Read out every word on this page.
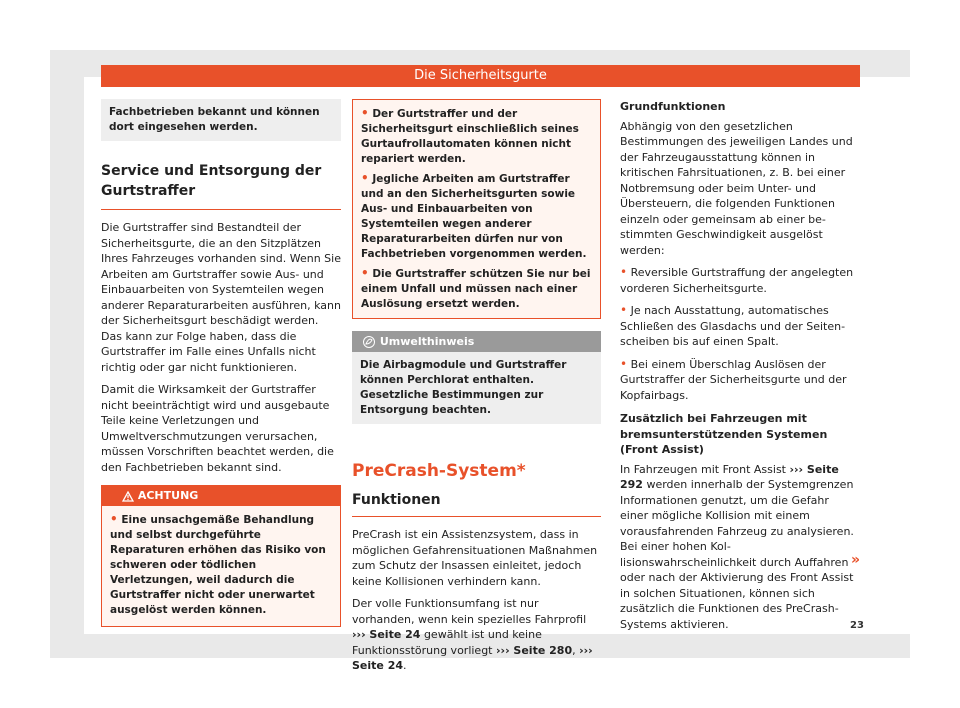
Die Sicherheitsgurte
Fachbetrieben bekannt und können dort eingesehen werden.
Service und Entsorgung der Gurtstraffer

Die Gurtstraffer sind Bestandteil der Sicherheitsgurte, die an den Sitzplätzen Ihres Fahrzeuges vorhanden sind. Wenn Sie Arbeiten am Gurtstraffer sowie Aus- und Einbauarbeiten von Systemteilen wegen anderer Reparaturarbeiten ausführen, kann der Sicherheitsgurt beschädigt werden. Das kann zur Folge haben, dass die Gurtstraffer im Falle eines Unfalls nicht richtig oder gar nicht funktionieren.

Damit die Wirksamkeit der Gurtstraffer nicht beeinträchtigt wird und ausgebaute Teile keine Verletzungen und Umweltverschmutzungen verursachen, müssen Vorschriften beachtet werden, die den Fachbetrieben bekannt sind.

ACHTUNG
• Eine unsachgemäße Behandlung und selbst durchgeführte Reparaturen erhöhen das Risiko von schweren oder tödlichen Verletzungen, weil dadurch die Gurtstraffer nicht oder unerwartet ausgelöst werden können.
• Der Gurtstraffer und der Sicherheitsgurt einschließlich seines Gurtaufrollautomaten können nicht repariert werden.
• Jegliche Arbeiten am Gurtstraffer und an den Sicherheitsgurten sowie Aus- und Einbauarbeiten von Systemteilen wegen anderer Reparaturarbeiten dürfen nur von Fachbetrieben vorgenommen werden.
• Die Gurtstraffer schützen Sie nur bei einem Unfall und müssen nach einer Auslösung ersetzt werden.
Umwelthinweis
Die Airbagmodule und Gurtstraffer können Perchlorat enthalten. Gesetzliche Bestimmungen zur Entsorgung beachten.
PreCrash-System*
Funktionen

PreCrash ist ein Assistenzsystem, dass in möglichen Gefahrensituationen Maßnahmen zum Schutz der Insassen einleitet, jedoch keine Kollisionen verhindern kann.

Der volle Funktionsumfang ist nur vorhanden, wenn kein spezielles Fahrprofil ››› Seite 24 gewählt ist und keine Funktionsstörung vorliegt ››› Seite 280, ››› Seite 24.

Grundfunktionen

Abhängig von den gesetzlichen Bestimmungen des jeweiligen Landes und der Fahrzeugausstattung können in kritischen Fahrsituationen, z. B. bei einer Notbremsung oder beim Unter- und Übersteuern, die folgenden Funktionen einzeln oder gemeinsam ab einer bestimmten Geschwindigkeit ausgelöst werden:

• Reversible Gurtstraffung der angelegten vorderen Sicherheitsgurte.

• Je nach Ausstattung, automatisches Schließen des Glasdachs und der Seitenscheiben bis auf einen Spalt.

• Bei einem Überschlag Auslösen der Gurtstraffer der Sicherheitsgurte und der Kopfairbags.

Zusätzlich bei Fahrzeugen mit bremsunterstützenden Systemen (Front Assist)

In Fahrzeugen mit Front Assist ››› Seite 292 werden innerhalb der Systemgrenzen Informationen genutzt, um die Gefahr einer mögliche Kollision mit einem vorausfahrenden Fahrzeug zu analysieren. Bei einer hohen Kollisionswahrscheinlichkeit durch Auffahren oder nach der Aktivierung des Front Assist in solchen Situationen, können sich zusätzlich die Funktionen des PreCrash-Systems aktivieren.

»
23
